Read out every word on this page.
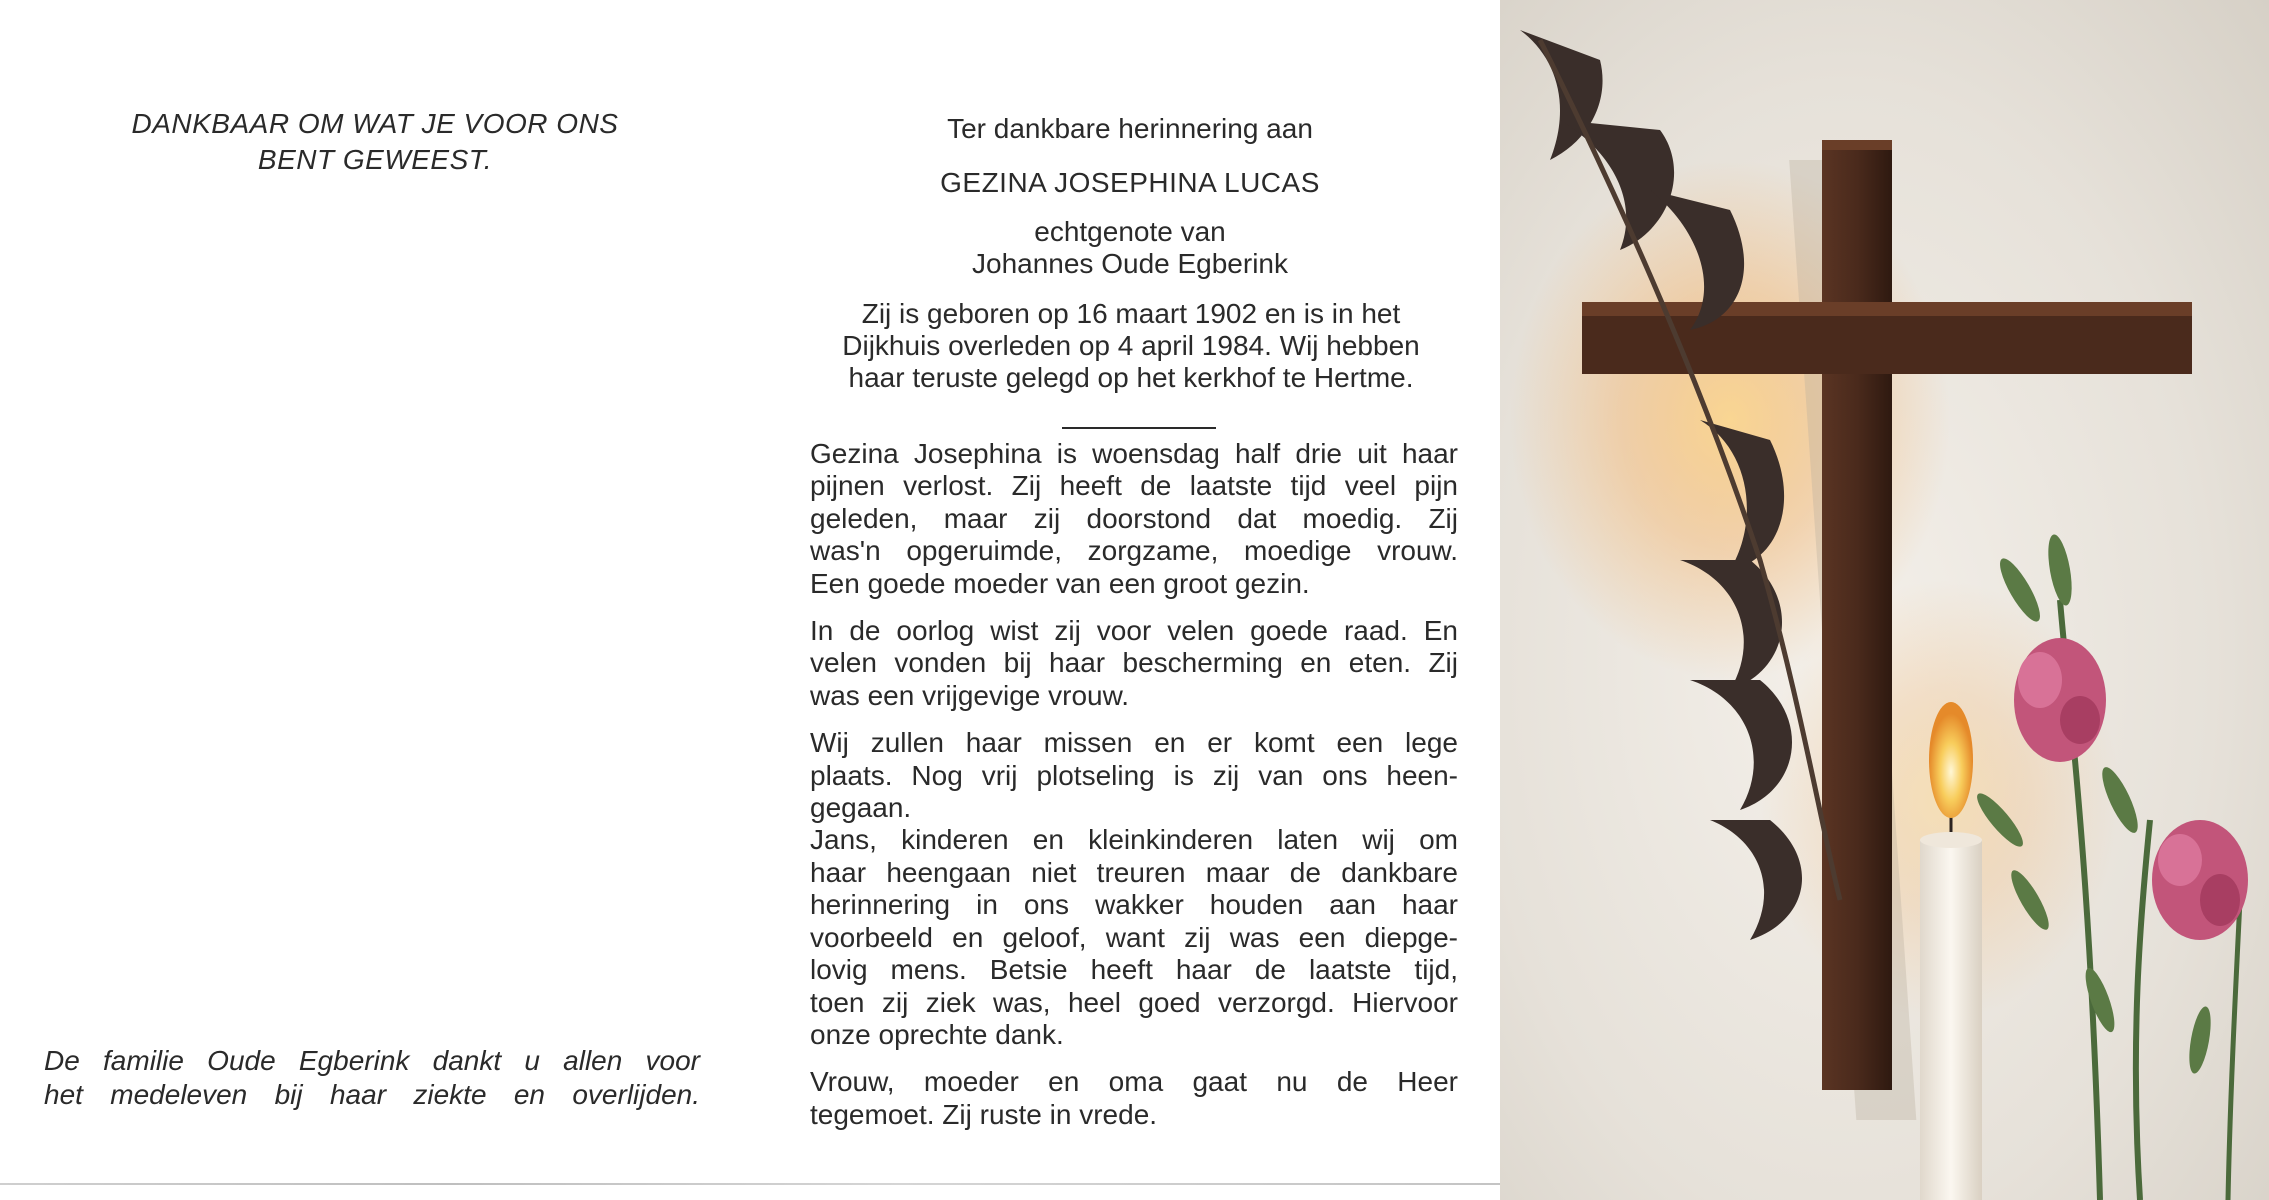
DANKBAAR OM WAT JE VOOR ONS
BENT GEWEEST.
De familie Oude Egberink dankt u allen voor
het medeleven bij haar ziekte en overlijden.
Ter dankbare herinnering aan
GEZINA JOSEPHINA LUCAS
echtgenote van
Johannes Oude Egberink
Zij is geboren op 16 maart 1902 en is in het
Dijkhuis overleden op 4 april 1984. Wij hebben
haar teruste gelegd op het kerkhof te Hertme.

Gezina Josephina is woensdag half drie uit haar
pijnen verlost. Zij heeft de laatste tijd veel pijn
geleden, maar zij doorstond dat moedig. Zij
was'n opgeruimde, zorgzame, moedige vrouw.
Een goede moeder van een groot gezin.

In de oorlog wist zij voor velen goede raad. En
velen vonden bij haar bescherming en eten. Zij
was een vrijgevige vrouw.

Wij zullen haar missen en er komt een lege
plaats. Nog vrij plotseling is zij van ons heen-
gegaan.
Jans, kinderen en kleinkinderen laten wij om
haar heengaan niet treuren maar de dankbare
herinnering in ons wakker houden aan haar
voorbeeld en geloof, want zij was een diepge-
lovig mens. Betsie heeft haar de laatste tijd,
toen zij ziek was, heel goed verzorgd. Hiervoor
onze oprechte dank.

Vrouw, moeder en oma gaat nu de Heer
tegemoet. Zij ruste in vrede.
